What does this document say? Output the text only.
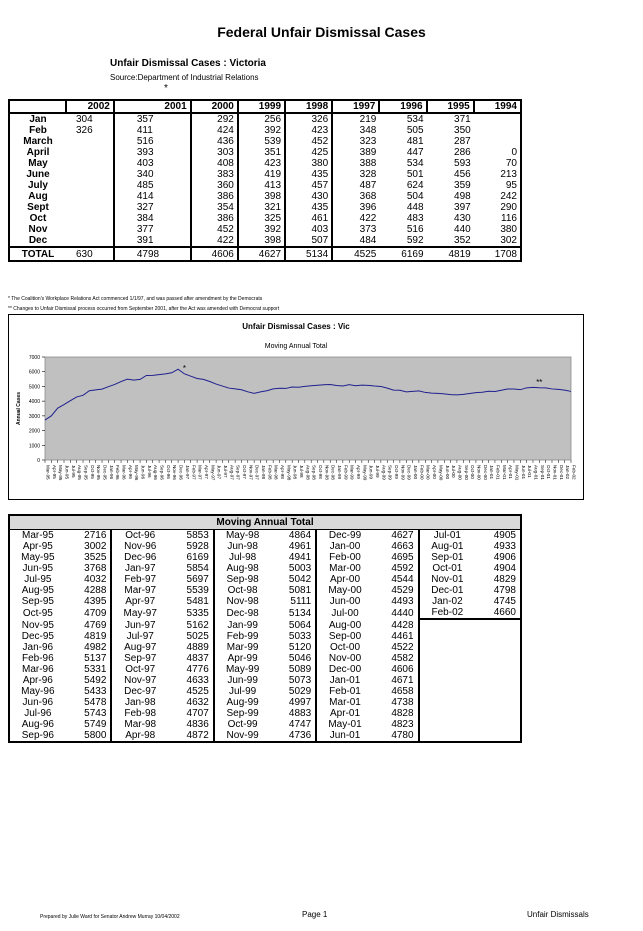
Federal Unfair Dismissal Cases
Unfair Dismissal Cases : Victoria
Source:Department of Industrial Relations
*
	2002	2001	2000	1999	1998	1997	1996	1995	1994
Jan	304	357	292	256	326	219	534	371	
Feb	326	411	424	392	423	348	505	350	
March		516	436	539	452	323	481	287	
April		393	303	351	425	389	447	286	0
May		403	408	423	380	388	534	593	70
June		340	383	419	435	328	501	456	213
July		485	360	413	457	487	624	359	95
Aug		414	386	398	430	368	504	498	242
Sept		327	354	321	435	396	448	397	290
Oct		384	386	325	461	422	483	430	116
Nov		377	452	392	403	373	516	440	380
Dec		391	422	398	507	484	592	352	302
TOTAL	630	4798	4606	4627	5134	4525	6169	4819	1708
* The Coalition's Workplace Relations Act commenced 1/1/97, and was passed after amendment by the Democrats
** Changes to Unfair Dismissal process occurred from September 2001, after the Act was amended with Democrat support
0
1000
2000
3000
4000
5000
6000
7000
Annual Cases
Mar-95 Apr-95 May-95 Jun-95 Jul-95 Aug-95 Sep-95 Oct-95 Nov-95 Dec-95 Jan-96 Feb-96 Mar-96 Apr-96 May-96 Jun-96 Jul-96 Aug-96 Sep-96 Oct-96 Nov-96 Dec-96 Jan-97 Feb-97 Mar-97 Apr-97 May-97 Jun-97 Jul-97 Aug-97 Sep-97 Oct-97 Nov-97 Dec-97 Jan-98 Feb-98 Mar-98 Apr-98 May-98 Jun-98 Jul-98 Aug-98 Sep-98 Oct-98 Nov-98 Dec-98 Jan-99 Feb-99 Mar-99 Apr-99 May-99 Jun-99 Jul-99 Aug-99 Sep-99 Oct-99 Nov-99 Dec-99 Jan-00 Feb-00 Mar-00 Apr-00 May-00 Jun-00 Jul-00 Aug-00 Sep-00 Oct-00 Nov-00 Dec-00 Jan-01 Feb-01 Mar-01 Apr-01 May-01 Jun-01 Jul-01 Aug-01 Sep-01 Oct-01 Nov-01 Dec-01 Jan-02 Feb-02
*
**
Unfair Dismissal Cases : Vic
Moving Annual Total
Moving Annual Total									
Mar-95	2716	Oct-96	5853	May-98	4864	Dec-99	4627	Jul-01	4905
Apr-95	3002	Nov-96	5928	Jun-98	4961	Jan-00	4663	Aug-01	4933
May-95	3525	Dec-96	6169	Jul-98	4941	Feb-00	4695	Sep-01	4906
Jun-95	3768	Jan-97	5854	Aug-98	5003	Mar-00	4592	Oct-01	4904
Jul-95	4032	Feb-97	5697	Sep-98	5042	Apr-00	4544	Nov-01	4829
Aug-95	4288	Mar-97	5539	Oct-98	5081	May-00	4529	Dec-01	4798
Sep-95	4395	Apr-97	5481	Nov-98	5111	Jun-00	4493	Jan-02	4745
Oct-95	4709	May-97	5335	Dec-98	5134	Jul-00	4440	Feb-02	4660
Nov-95	4769	Jun-97	5162	Jan-99	5064	Aug-00	4428		
Dec-95	4819	Jul-97	5025	Feb-99	5033	Sep-00	4461		
Jan-96	4982	Aug-97	4889	Mar-99	5120	Oct-00	4522		
Feb-96	5137	Sep-97	4837	Apr-99	5046	Nov-00	4582		
Mar-96	5331	Oct-97	4776	May-99	5089	Dec-00	4606		
Apr-96	5492	Nov-97	4633	Jun-99	5073	Jan-01	4671		
May-96	5433	Dec-97	4525	Jul-99	5029	Feb-01	4658		
Jun-96	5478	Jan-98	4632	Aug-99	4997	Mar-01	4738		
Jul-96	5743	Feb-98	4707	Sep-99	4883	Apr-01	4828		
Aug-96	5749	Mar-98	4836	Oct-99	4747	May-01	4823		
Sep-96	5800	Apr-98	4872	Nov-99	4736	Jun-01	4780		
Prepared by Julie Ward for Senator Andrew Murray 10/04/2002	Page 1	Unfair Dismissals
